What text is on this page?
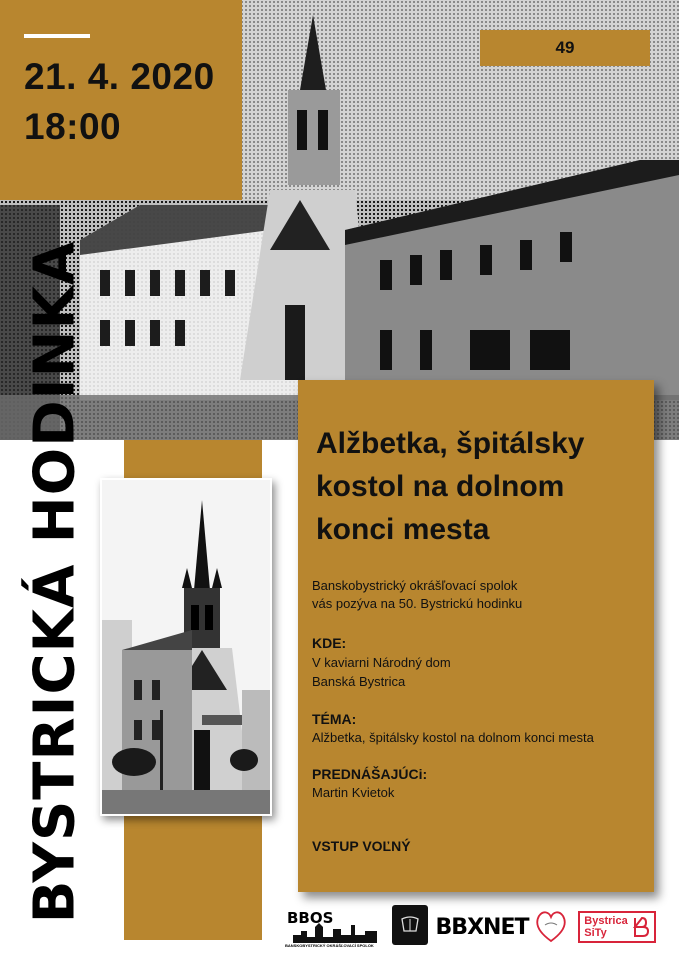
21. 4. 2020
18:00
49
BYSTRICKÁ HODINKA	Alžbetka, špitálsky
kostol na dolnom
konci mesta
Banskobystrický okrášľovací spolok
vás pozýva na 50. Bystrickú hodinku
KDE:
V kaviarni Národný dom
Banská Bystrica
TÉMA:
Alžbetka, špitálsky kostol na dolnom konci mesta
PREDNÁŠAJÚCi:
Martin Kvietok
VSTUP VOĽNÝ
BBOS
BANSKOBYSTRICKÝ OKRÁŠĽOVACÍ SPOLOK
BBXNET	Bystrica
SiTy
